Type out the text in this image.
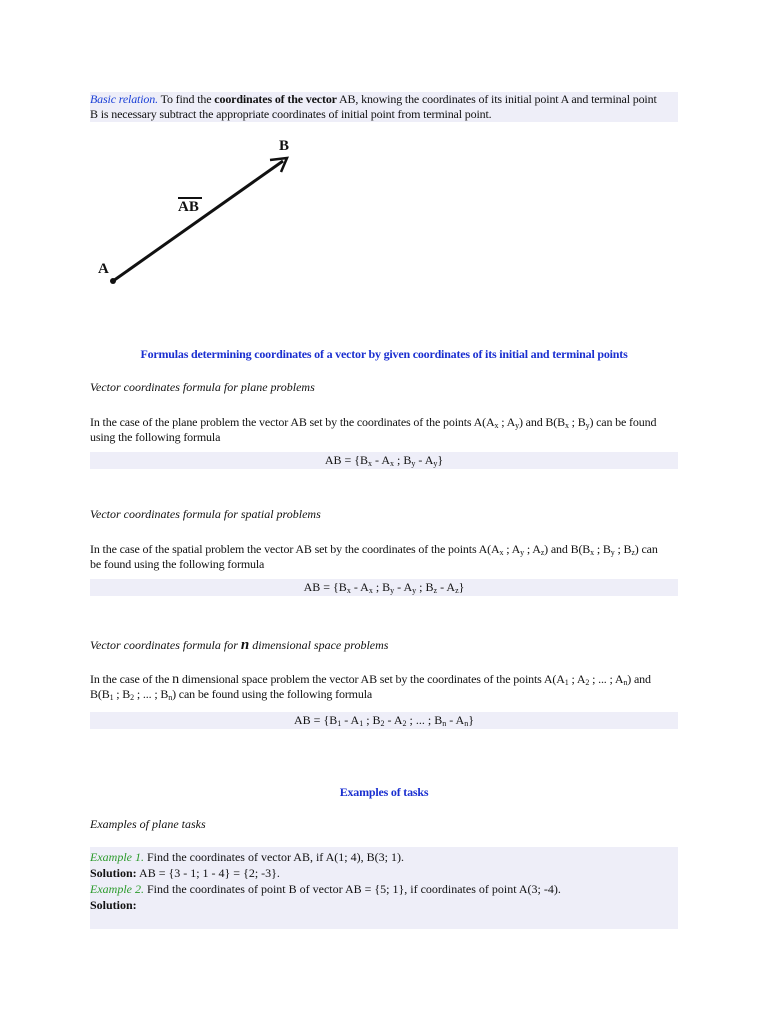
Basic relation. To find the coordinates of the vector AB, knowing the coordinates of its initial point A and terminal point
B is necessary subtract the appropriate coordinates of initial point from terminal point.
A
B
AB
Formulas determining coordinates of a vector by given coordinates of its initial and terminal points
Vector coordinates formula for plane problems
In the case of the plane problem the vector AB set by the coordinates of the points $A(A_x$ ; $A_y$) and $B(B_x$ ; $B_y$) can be found
using the following formula
AB = {$B_x - A_x$ ; $B_y - A_y$}
Vector coordinates formula for spatial problems
In the case of the spatial problem the vector AB set by the coordinates of the points $A(A_x$ ; $A_y$ ; $A_z$) and $B(B_x$ ; $B_y$ ; $B_z$) can
be found using the following formula
AB = {$B_x - A_x$ ; $B_y - A_y$ ; $B_z - A_z$}
Vector coordinates formula for n dimensional space problems
In the case of the n dimensional space problem the vector AB set by the coordinates of the points $A(A_1$ ; $A_2$ ; ... ; $A_n$) and
$B(B_1$ ; $B_2$ ; ... ; $B_n$) can be found using the following formula
AB = {$B_1 - A_1$ ; $B_2 - A_2$ ; ... ; $B_n - A_n$}
Examples of tasks
Examples of plane tasks
Example 1. Find the coordinates of vector AB, if A(1; 4), B(3; 1).
Solution: AB = {3 - 1; 1 - 4} = {2; -3}.
Example 2. Find the coordinates of point B of vector AB = {5; 1}, if coordinates of point A(3; -4).
Solution:
